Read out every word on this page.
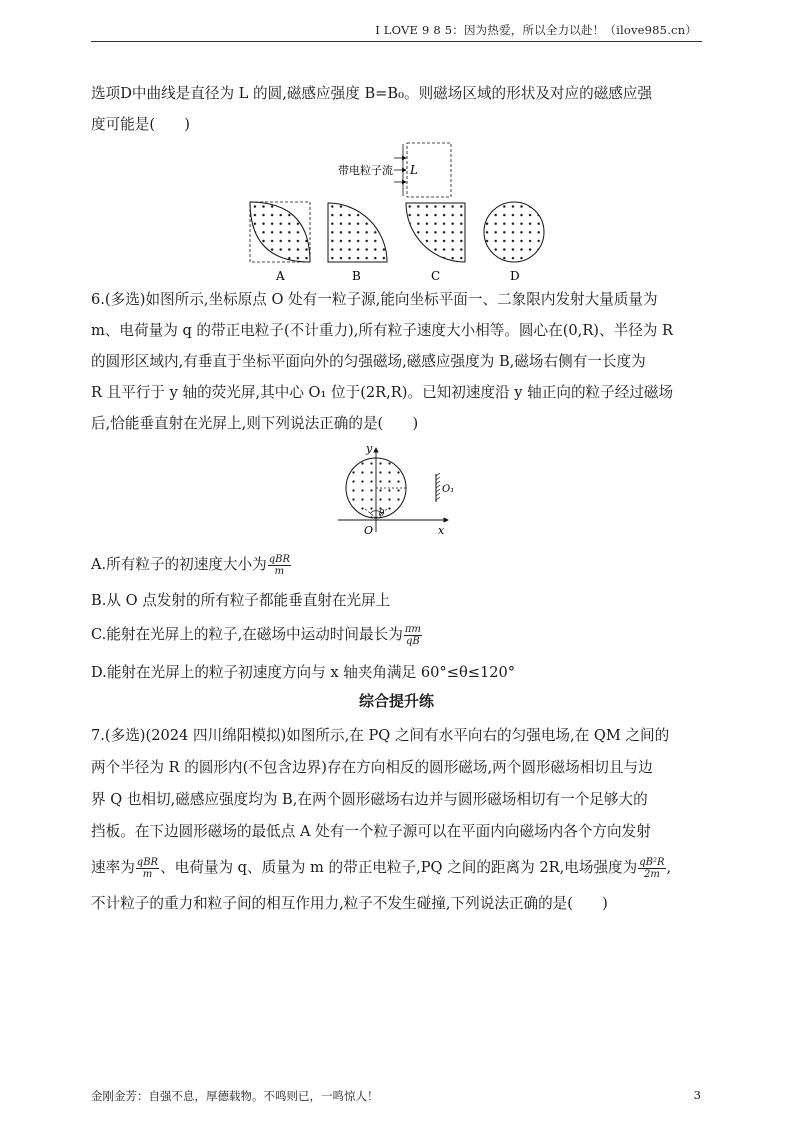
I LOVE 9 8 5：因为热爱，所以全力以赴！（ilove985.cn）
选项D中曲线是直径为 L 的圆,磁感应强度 B=B₀。则磁场区域的形状及对应的磁感应强
度可能是(　　)
带电粒子流 L
A	B	C	D
6.(多选)如图所示,坐标原点 O 处有一粒子源,能向坐标平面一、二象限内发射大量质量为
m、电荷量为 q 的带正电粒子(不计重力),所有粒子速度大小相等。圆心在(0,R)、半径为 R
的圆形区域内,有垂直于坐标平面向外的匀强磁场,磁感应强度为 B,磁场右侧有一长度为
R 且平行于 y 轴的荧光屏,其中心 O₁ 位于(2R,R)。已知初速度沿 y 轴正向的粒子经过磁场
后,恰能垂直射在光屏上,则下列说法正确的是(　　)
y
x
O
θ
O₁
A.所有粒子的初速度大小为 $\frac{\text{qBR}}{m}$
B.从 O 点发射的所有粒子都能垂直射在光屏上
C.能射在光屏上的粒子,在磁场中运动时间最长为 $\frac{\pi m}{qB}$
D.能射在光屏上的粒子初速度方向与 x 轴夹角满足 60°≤θ≤120°
综合提升练
7.(多选)(2024 四川绵阳模拟)如图所示,在 PQ 之间有水平向右的匀强电场,在 QM 之间的
两个半径为 R 的圆形内(不包含边界)存在方向相反的圆形磁场,两个圆形磁场相切且与边
界 Q 也相切,磁感应强度均为 B,在两个圆形磁场右边并与圆形磁场相切有一个足够大的
挡板。在下边圆形磁场的最低点 A 处有一个粒子源可以在平面内向磁场内各个方向发射
速率为 $\frac{\text{qBR}}{m}$ 、电荷量为 q、质量为 m 的带正电粒子,PQ 之间的距离为 2R,电场强度为 $\frac{\text{qB²R}}{2m}$ ,
不计粒子的重力和粒子间的相互作用力,粒子不发生碰撞,下列说法正确的是(　　)
金刚金芳：自强不息，厚德载物。不鸣则已，一鸣惊人！	3
